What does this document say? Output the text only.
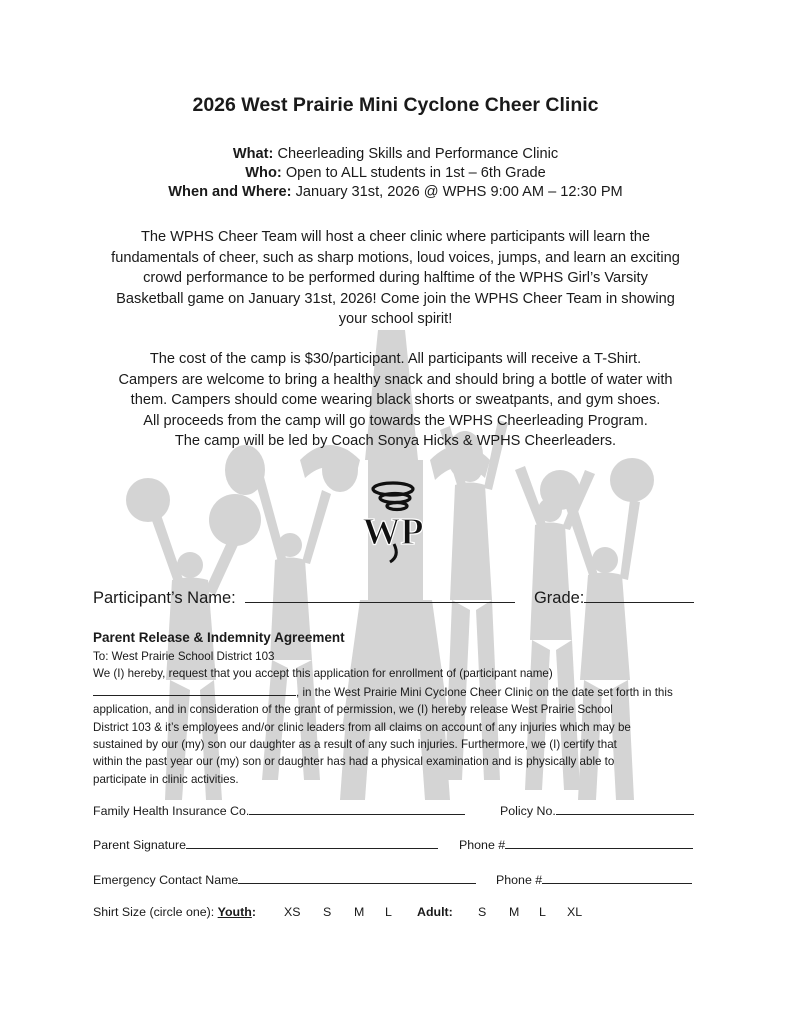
2026 West Prairie Mini Cyclone Cheer Clinic
What: Cheerleading Skills and Performance Clinic
Who: Open to ALL students in 1st – 6th Grade
When and Where: January 31st, 2026 @ WPHS 9:00 AM – 12:30 PM
The WPHS Cheer Team will host a cheer clinic where participants will learn the
fundamentals of cheer, such as sharp motions, loud voices, jumps, and learn an exciting
crowd performance to be performed during halftime of the WPHS Girl’s Varsity
Basketball game on January 31st, 2026! Come join the WPHS Cheer Team in showing
your school spirit!
The cost of the camp is $30/participant. All participants will receive a T-Shirt.
Campers are welcome to bring a healthy snack and should bring a bottle of water with
them. Campers should come wearing black shorts or sweatpants, and gym shoes.
All proceeds from the camp will go towards the WPHS Cheerleading Program.
The camp will be led by Coach Sonya Hicks & WPHS Cheerleaders.
WP
Participant’s Name:	Grade:
Parent Release & Indemnity Agreement
To: West Prairie School District 103
We (I) hereby, request that you accept this application for enrollment of (participant name)
, in the West Prairie Mini Cyclone Cheer Clinic on the date set forth in this
application, and in consideration of the grant of permission, we (I) hereby release West Prairie School
District 103 & it’s employees and/or clinic leaders from all claims on account of any injuries which may be
sustained by our (my) son our daughter as a result of any such injuries. Furthermore, we (I) certify that
within the past year our (my) son or daughter has had a physical examination and is physically able to
participate in clinic activities.
Family Health Insurance Co.	Policy No.
Parent Signature	Phone #
Emergency Contact Name	Phone #
Shirt Size (circle one): Youth: XS S M L Adult: S M L XL
